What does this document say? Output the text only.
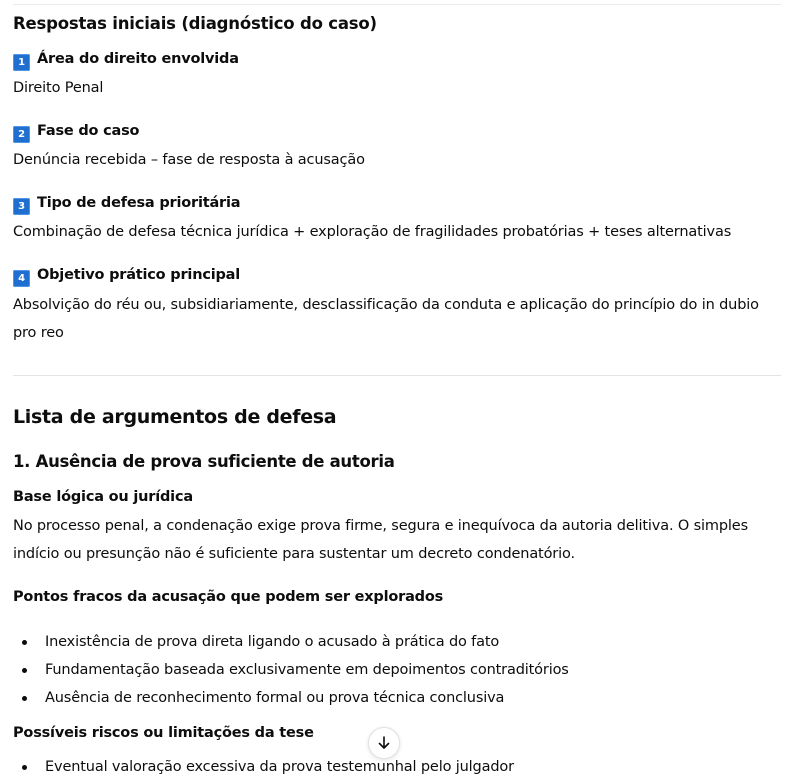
Respostas iniciais (diagnóstico do caso)
1 Área do direito envolvida
Direito Penal
2 Fase do caso
Denúncia recebida – fase de resposta à acusação
3 Tipo de defesa prioritária
Combinação de defesa técnica jurídica + exploração de fragilidades probatórias + teses alternativas
4 Objetivo prático principal
Absolvição do réu ou, subsidiariamente, desclassificação da conduta e aplicação do princípio do in dubio pro reo
Lista de argumentos de defesa
1. Ausência de prova suficiente de autoria
Base lógica ou jurídica
No processo penal, a condenação exige prova firme, segura e inequívoca da autoria delitiva. O simples indício ou presunção não é suficiente para sustentar um decreto condenatório.
Pontos fracos da acusação que podem ser explorados
Inexistência de prova direta ligando o acusado à prática do fato
Fundamentação baseada exclusivamente em depoimentos contraditórios
Ausência de reconhecimento formal ou prova técnica conclusiva
Possíveis riscos ou limitações da tese
Eventual valoração excessiva da prova testemunhal pelo julgador
